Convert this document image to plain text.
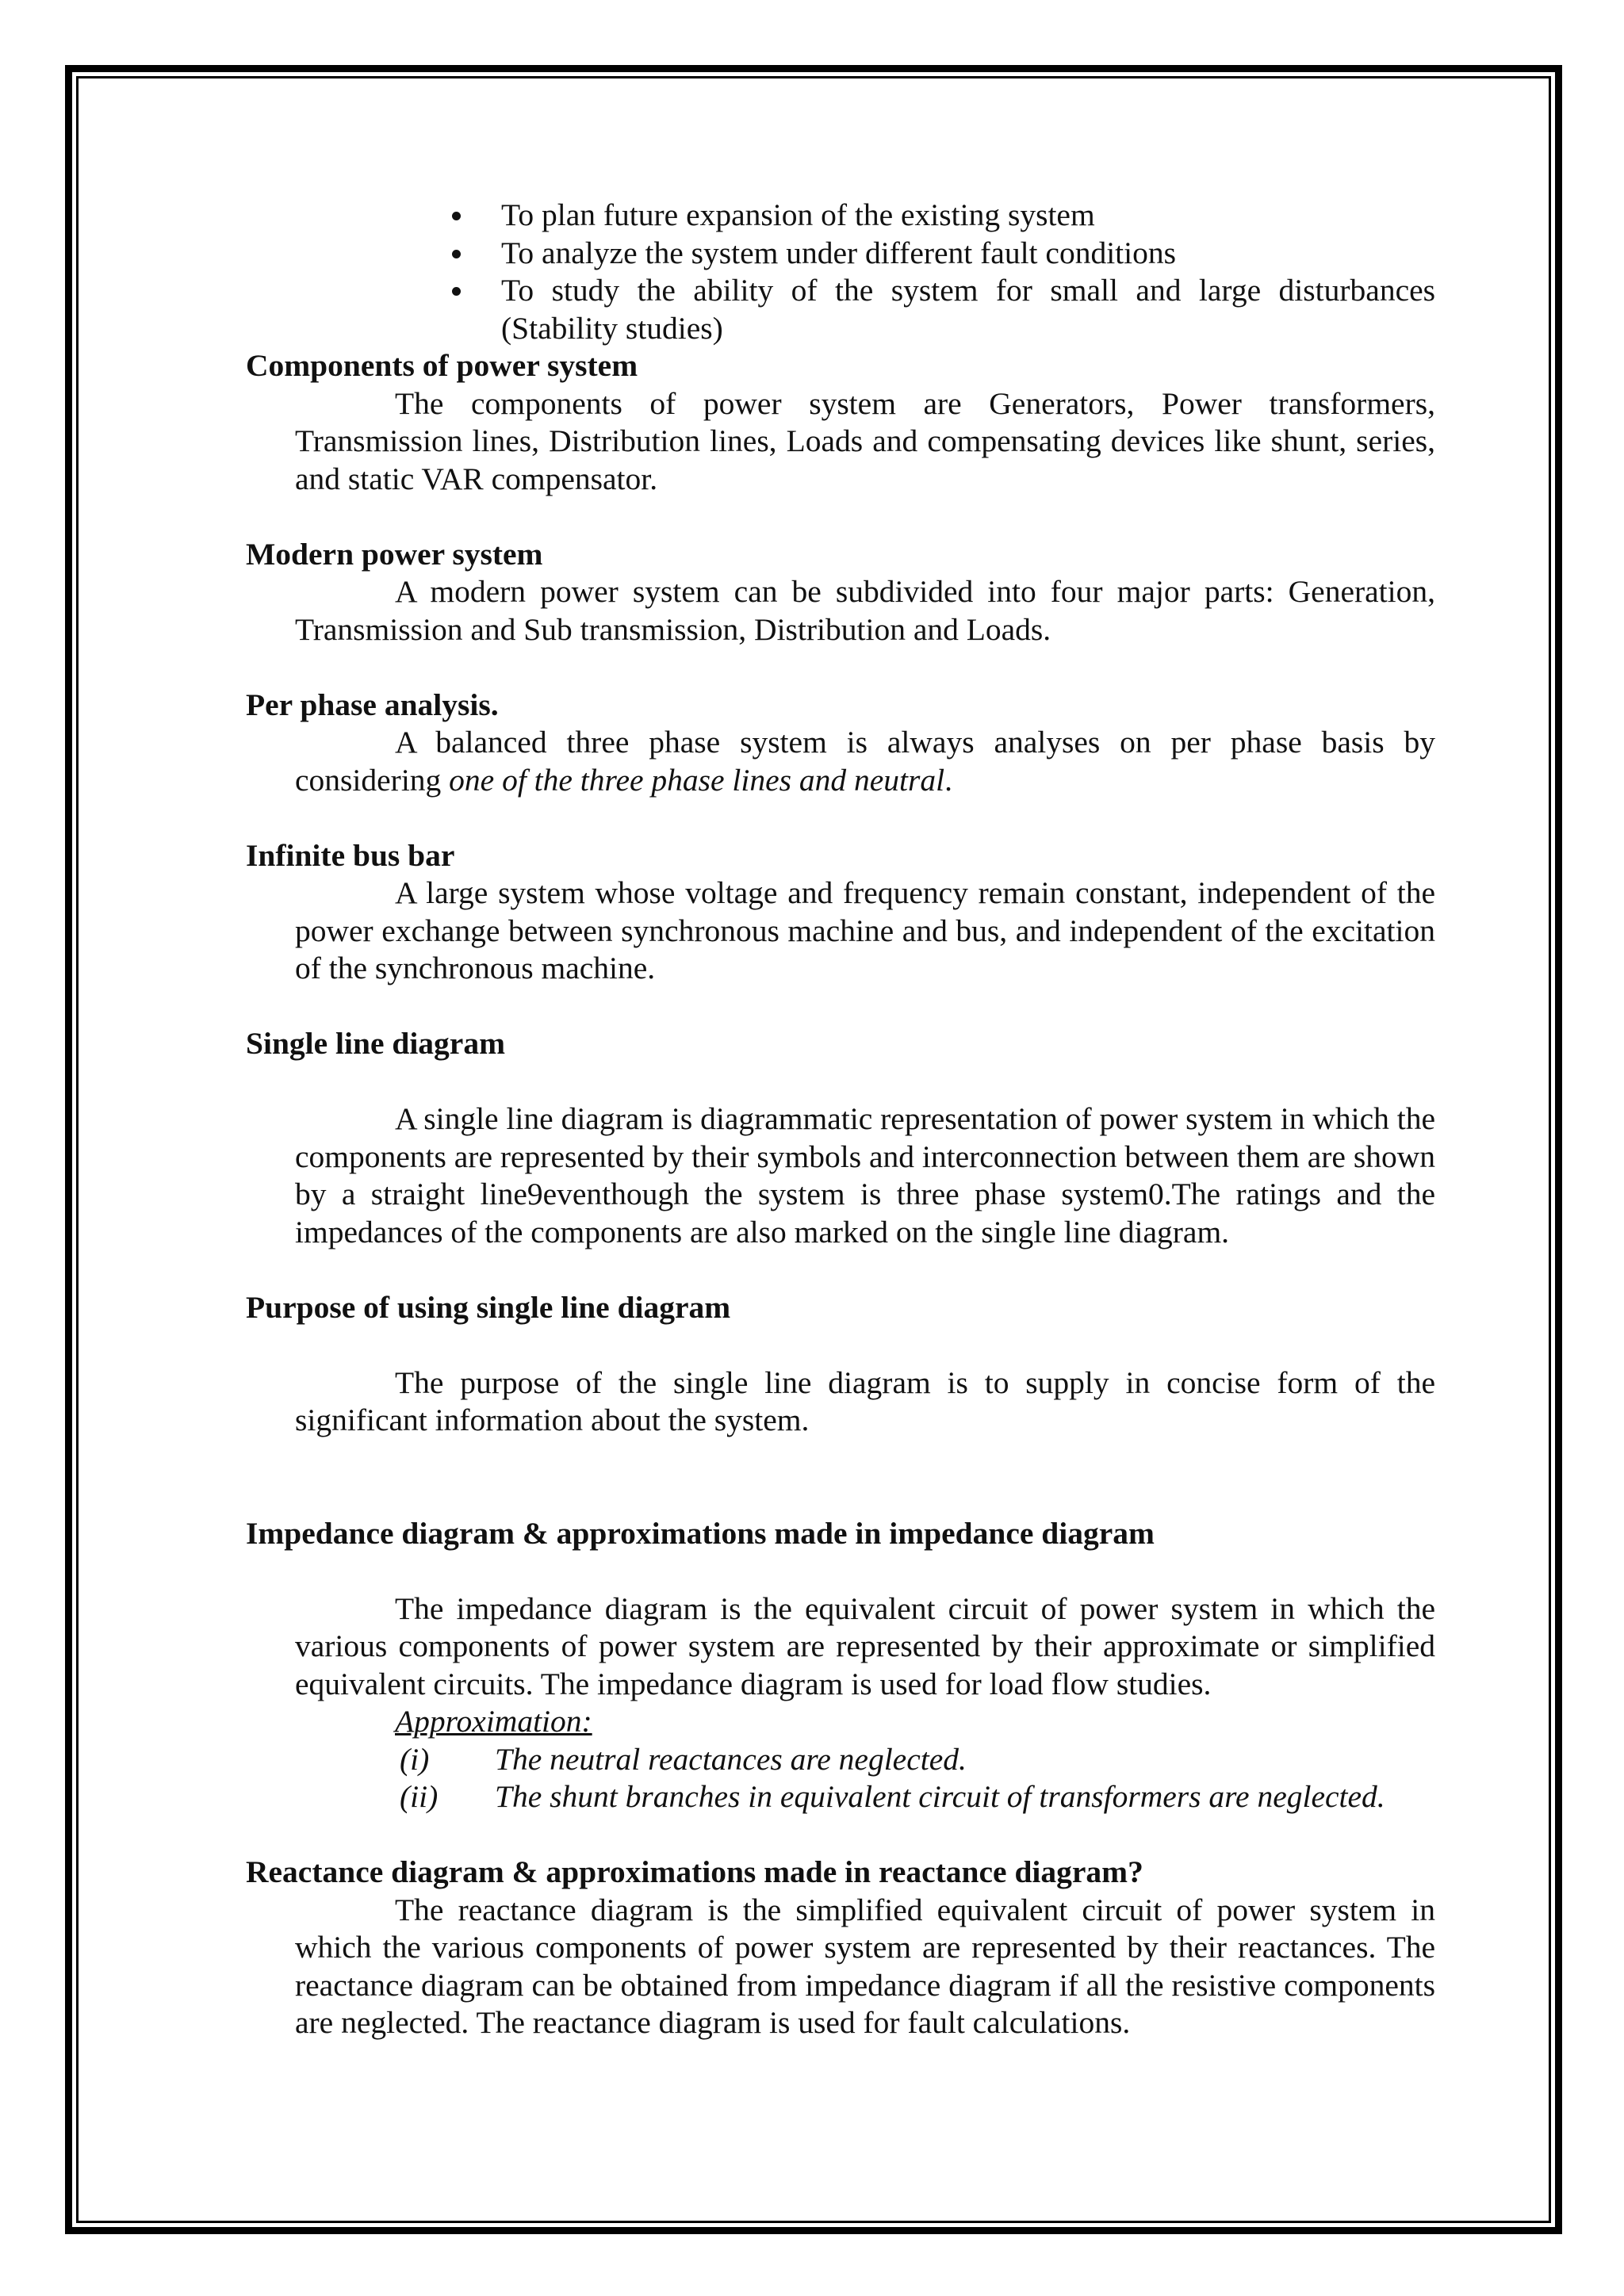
To plan future expansion of the existing system
To analyze the system under different fault conditions
To study the ability of the system for small and large disturbances (Stability studies)

Components of power system

The components of power system are Generators, Power transformers, Transmission lines, Distribution lines, Loads and compensating devices like shunt, series, and static VAR compensator.

Modern power system

A modern power system can be subdivided into four major parts: Generation, Transmission and Sub transmission, Distribution and Loads.

Per phase analysis.

A balanced three phase system is always analyses on per phase basis by considering one of the three phase lines and neutral.

Infinite bus bar

A large system whose voltage and frequency remain constant, independent of the power exchange between synchronous machine and bus, and independent of the excitation of the synchronous machine.

Single line diagram

A single line diagram is diagrammatic representation of power system in which the components are represented by their symbols and interconnection between them are shown by a straight line9eventhough the system is three phase system0.The ratings and the impedances of the components are also marked on the single line diagram.

Purpose of using single line diagram

The purpose of the single line diagram is to supply in concise form of the significant information about the system.

Impedance diagram & approximations made in impedance diagram

The impedance diagram is the equivalent circuit of power system in which the various components of power system are represented by their approximate or simplified equivalent circuits. The impedance diagram is used for load flow studies.

Approximation:
(i) The neutral reactances are neglected.
(ii) The shunt branches in equivalent circuit of transformers are neglected.

Reactance diagram & approximations made in reactance diagram?

The reactance diagram is the simplified equivalent circuit of power system in which the various components of power system are represented by their reactances. The reactance diagram can be obtained from impedance diagram if all the resistive components are neglected. The reactance diagram is used for fault calculations.
